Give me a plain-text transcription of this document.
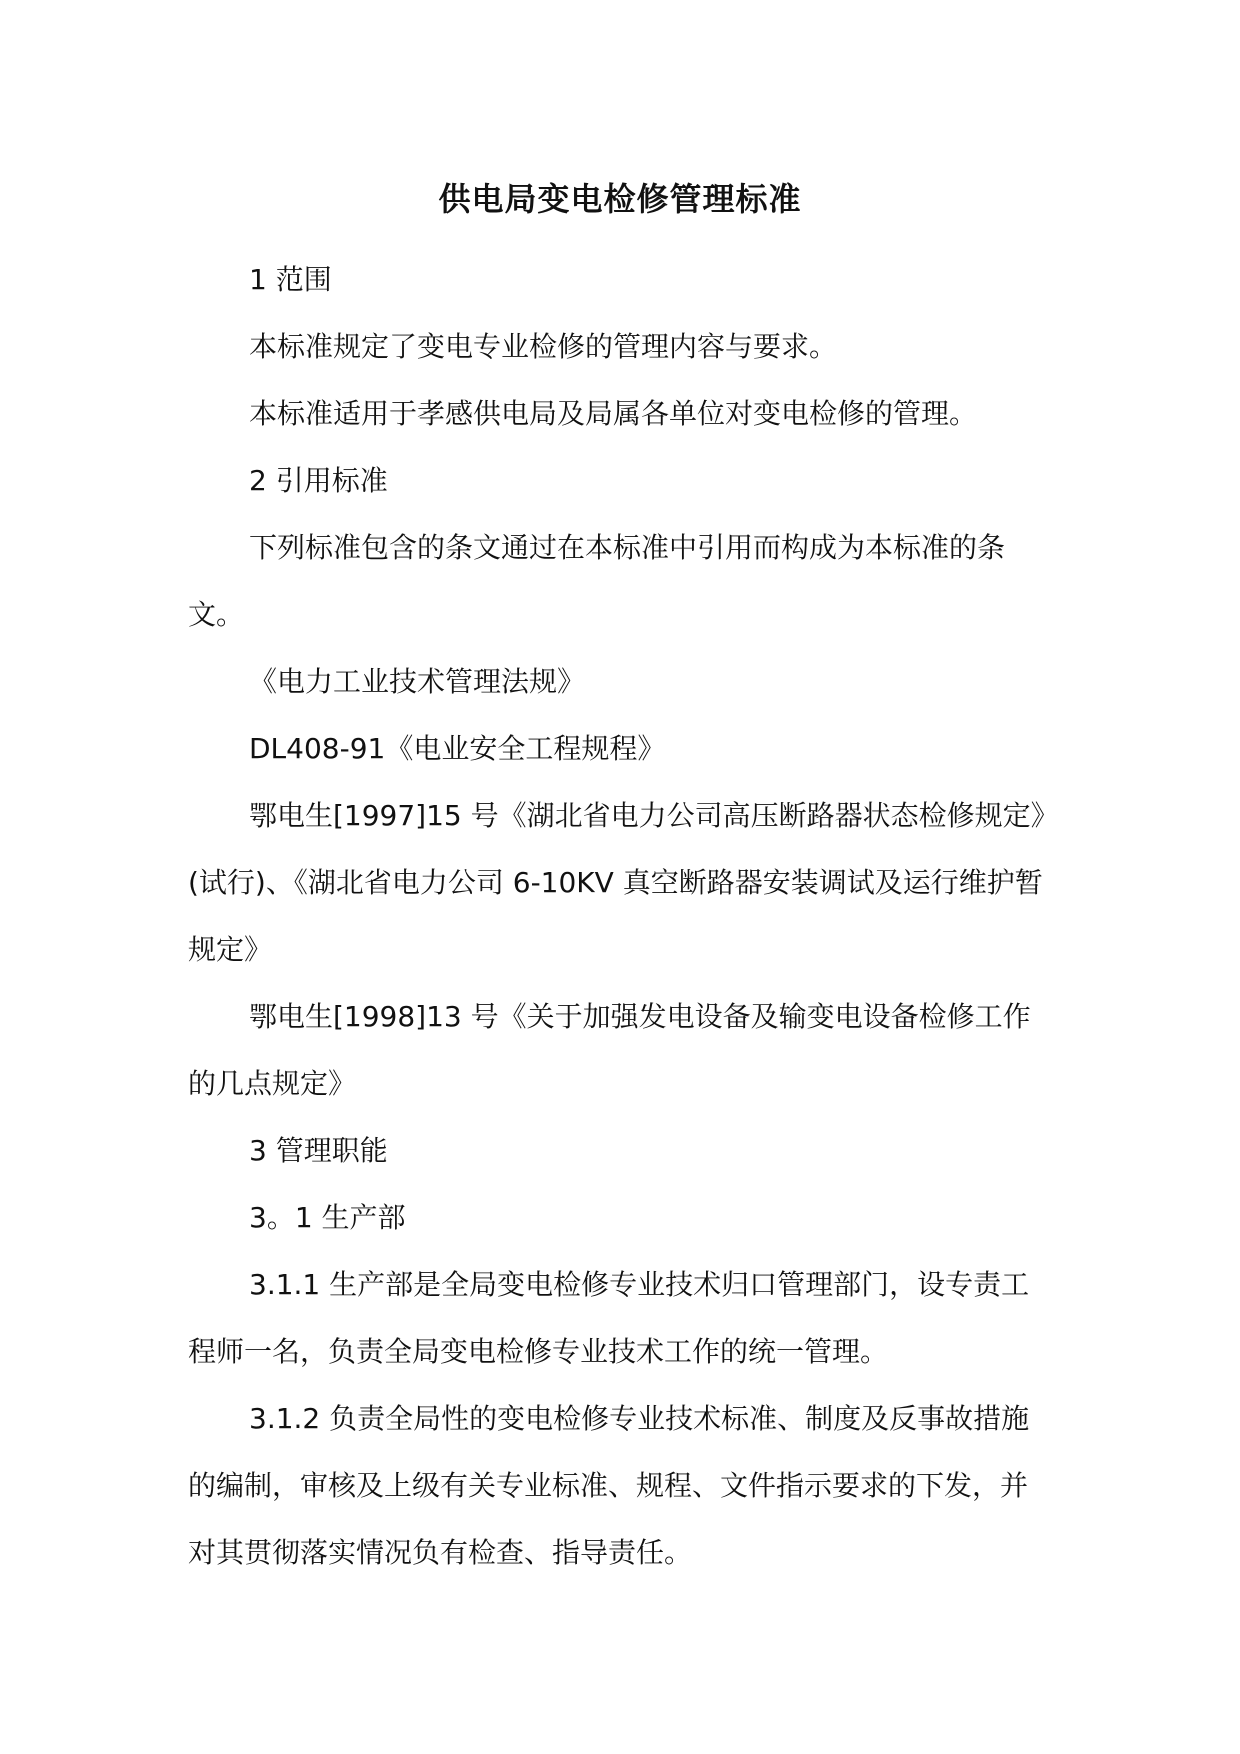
供电局变电检修管理标准

1 范围

本标准规定了变电专业检修的管理内容与要求。

本标准适用于孝感供电局及局属各单位对变电检修的管理。

2 引用标准

下列标准包含的条文通过在本标准中引用而构成为本标准的条文。

《电力工业技术管理法规》

DL408-91《电业安全工程规程》

鄂电生[1997]15 号《湖北省电力公司高压断路器状态检修规定》(试行)、《湖北省电力公司 6-10KV 真空断路器安装调试及运行维护暂规定》

鄂电生[1998]13 号《关于加强发电设备及输变电设备检修工作的几点规定》

3 管理职能

3。1 生产部

3.1.1 生产部是全局变电检修专业技术归口管理部门，设专责工程师一名，负责全局变电检修专业技术工作的统一管理。

3.1.2 负责全局性的变电检修专业技术标准、制度及反事故措施的编制，审核及上级有关专业标准、规程、文件指示要求的下发，并对其贯彻落实情况负有检查、指导责任。
